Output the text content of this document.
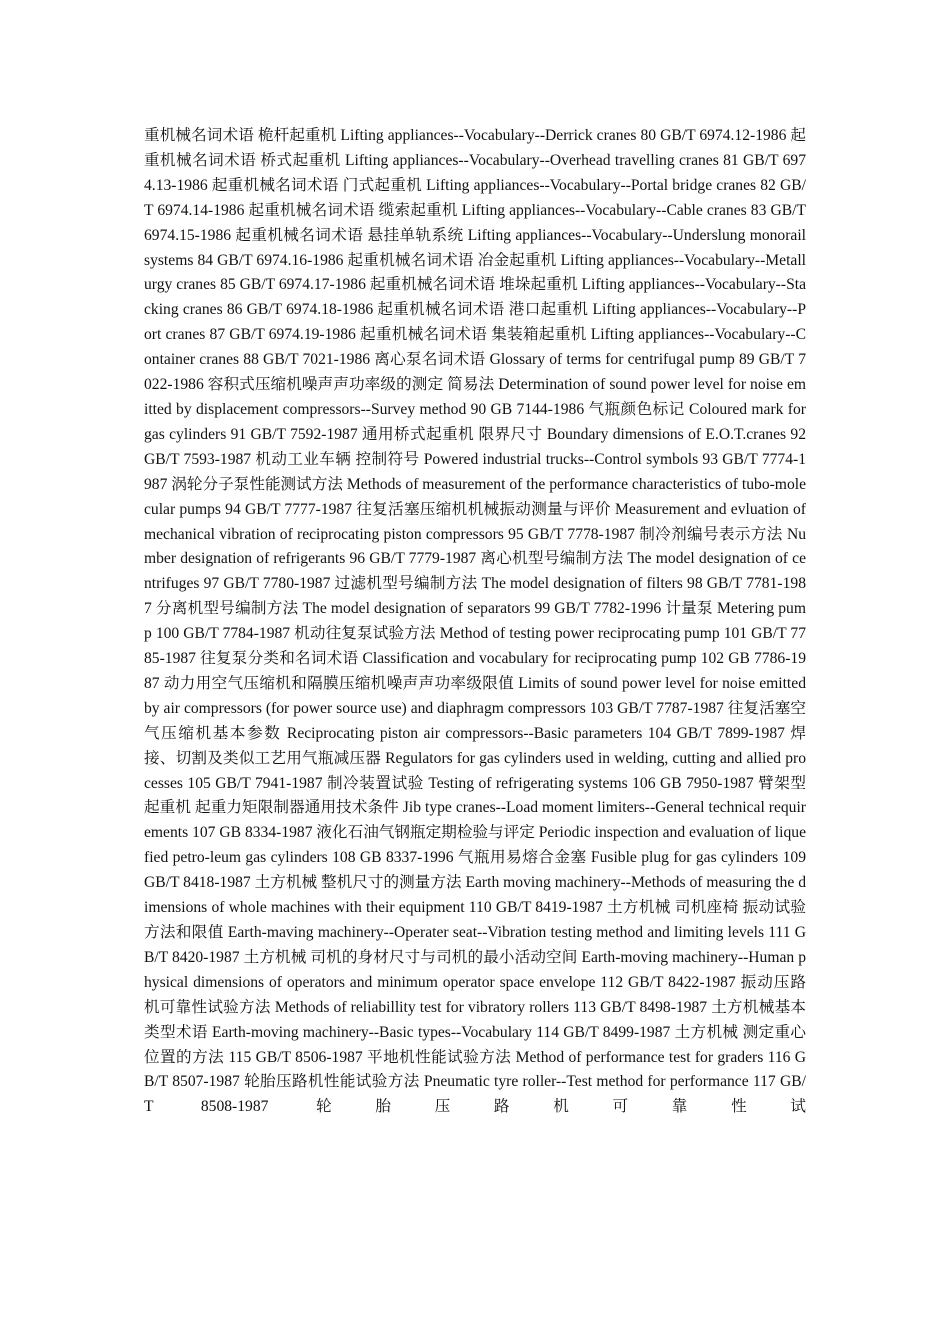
重机械名词术语 桅杆起重机 Lifting appliances--Vocabulary--Derrick cranes 80 GB/T 6974.12-1986 起重机械名词术语 桥式起重机 Lifting appliances--Vocabulary--Overhead travelling cranes 81 GB/T 6974.13-1986 起重机械名词术语 门式起重机 Lifting appliances--Vocabulary--Portal bridge cranes 82 GB/T 6974.14-1986 起重机械名词术语 缆索起重机 Lifting appliances--Vocabulary--Cable cranes 83 GB/T 6974.15-1986 起重机械名词术语 悬挂单轨系统 Lifting appliances--Vocabulary--Underslung monorail systems 84 GB/T 6974.16-1986 起重机械名词术语 冶金起重机 Lifting appliances--Vocabulary--Metallurgy cranes 85 GB/T 6974.17-1986 起重机械名词术语 堆垛起重机 Lifting appliances--Vocabulary--Stacking cranes 86 GB/T 6974.18-1986 起重机械名词术语 港口起重机 Lifting appliances--Vocabulary--Port cranes 87 GB/T 6974.19-1986 起重机械名词术语 集装箱起重机 Lifting appliances--Vocabulary--Container cranes 88 GB/T 7021-1986 离心泵名词术语 Glossary of terms for centrifugal pump 89 GB/T 7022-1986 容积式压缩机噪声声功率级的测定 简易法 Determination of sound power level for noise emitted by displacement compressors--Survey method 90 GB 7144-1986 气瓶颜色标记 Coloured mark for gas cylinders 91 GB/T 7592-1987 通用桥式起重机 限界尺寸 Boundary dimensions of E.O.T.cranes 92 GB/T 7593-1987 机动工业车辆 控制符号 Powered industrial trucks--Control symbols 93 GB/T 7774-1987 涡轮分子泵性能测试方法 Methods of measurement of the performance characteristics of tubo-molecular pumps 94 GB/T 7777-1987 往复活塞压缩机机械振动测量与评价 Measurement and evluation of mechanical vibration of reciprocating piston compressors 95 GB/T 7778-1987 制冷剂编号表示方法 Number designation of refrigerants 96 GB/T 7779-1987 离心机型号编制方法 The model designation of centrifuges 97 GB/T 7780-1987 过滤机型号编制方法 The model designation of filters 98 GB/T 7781-1987 分离机型号编制方法 The model designation of separators 99 GB/T 7782-1996 计量泵 Metering pump 100 GB/T 7784-1987 机动往复泵试验方法 Method of testing power reciprocating pump 101 GB/T 7785-1987 往复泵分类和名词术语 Classification and vocabulary for reciprocating pump 102 GB 7786-1987 动力用空气压缩机和隔膜压缩机噪声声功率级限值 Limits of sound power level for noise emitted by air compressors (for power source use) and diaphragm compressors 103 GB/T 7787-1987 往复活塞空气压缩机基本参数 Reciprocating piston air compressors--Basic parameters 104 GB/T 7899-1987 焊接、切割及类似工艺用气瓶减压器 Regulators for gas cylinders used in welding, cutting and allied processes 105 GB/T 7941-1987 制冷装置试验 Testing of refrigerating systems 106 GB 7950-1987 臂架型起重机 起重力矩限制器通用技术条件 Jib type cranes--Load moment limiters--General technical requirements 107 GB 8334-1987 液化石油气钢瓶定期检验与评定 Periodic inspection and evaluation of liquefied petro-leum gas cylinders 108 GB 8337-1996 气瓶用易熔合金塞 Fusible plug for gas cylinders 109 GB/T 8418-1987 土方机械 整机尺寸的测量方法 Earth moving machinery--Methods of measuring the dimensions of whole machines with their equipment 110 GB/T 8419-1987 土方机械 司机座椅 振动试验方法和限值 Earth-maving machinery--Operater seat--Vibration testing method and limiting levels 111 GB/T 8420-1987 土方机械 司机的身材尺寸与司机的最小活动空间 Earth-moving machinery--Human physical dimensions of operators and minimum operator space envelope 112 GB/T 8422-1987 振动压路机可靠性试验方法 Methods of reliabillity test for vibratory rollers 113 GB/T 8498-1987 土方机械基本类型术语 Earth-moving machinery--Basic types--Vocabulary 114 GB/T 8499-1987 土方机械 测定重心位置的方法 115 GB/T 8506-1987 平地机性能试验方法 Method of performance test for graders 116 GB/T 8507-1987 轮胎压路机性能试验方法 Pneumatic tyre roller--Test method for performance 117 GB/T 8508-1987 轮胎压路机可靠性试
